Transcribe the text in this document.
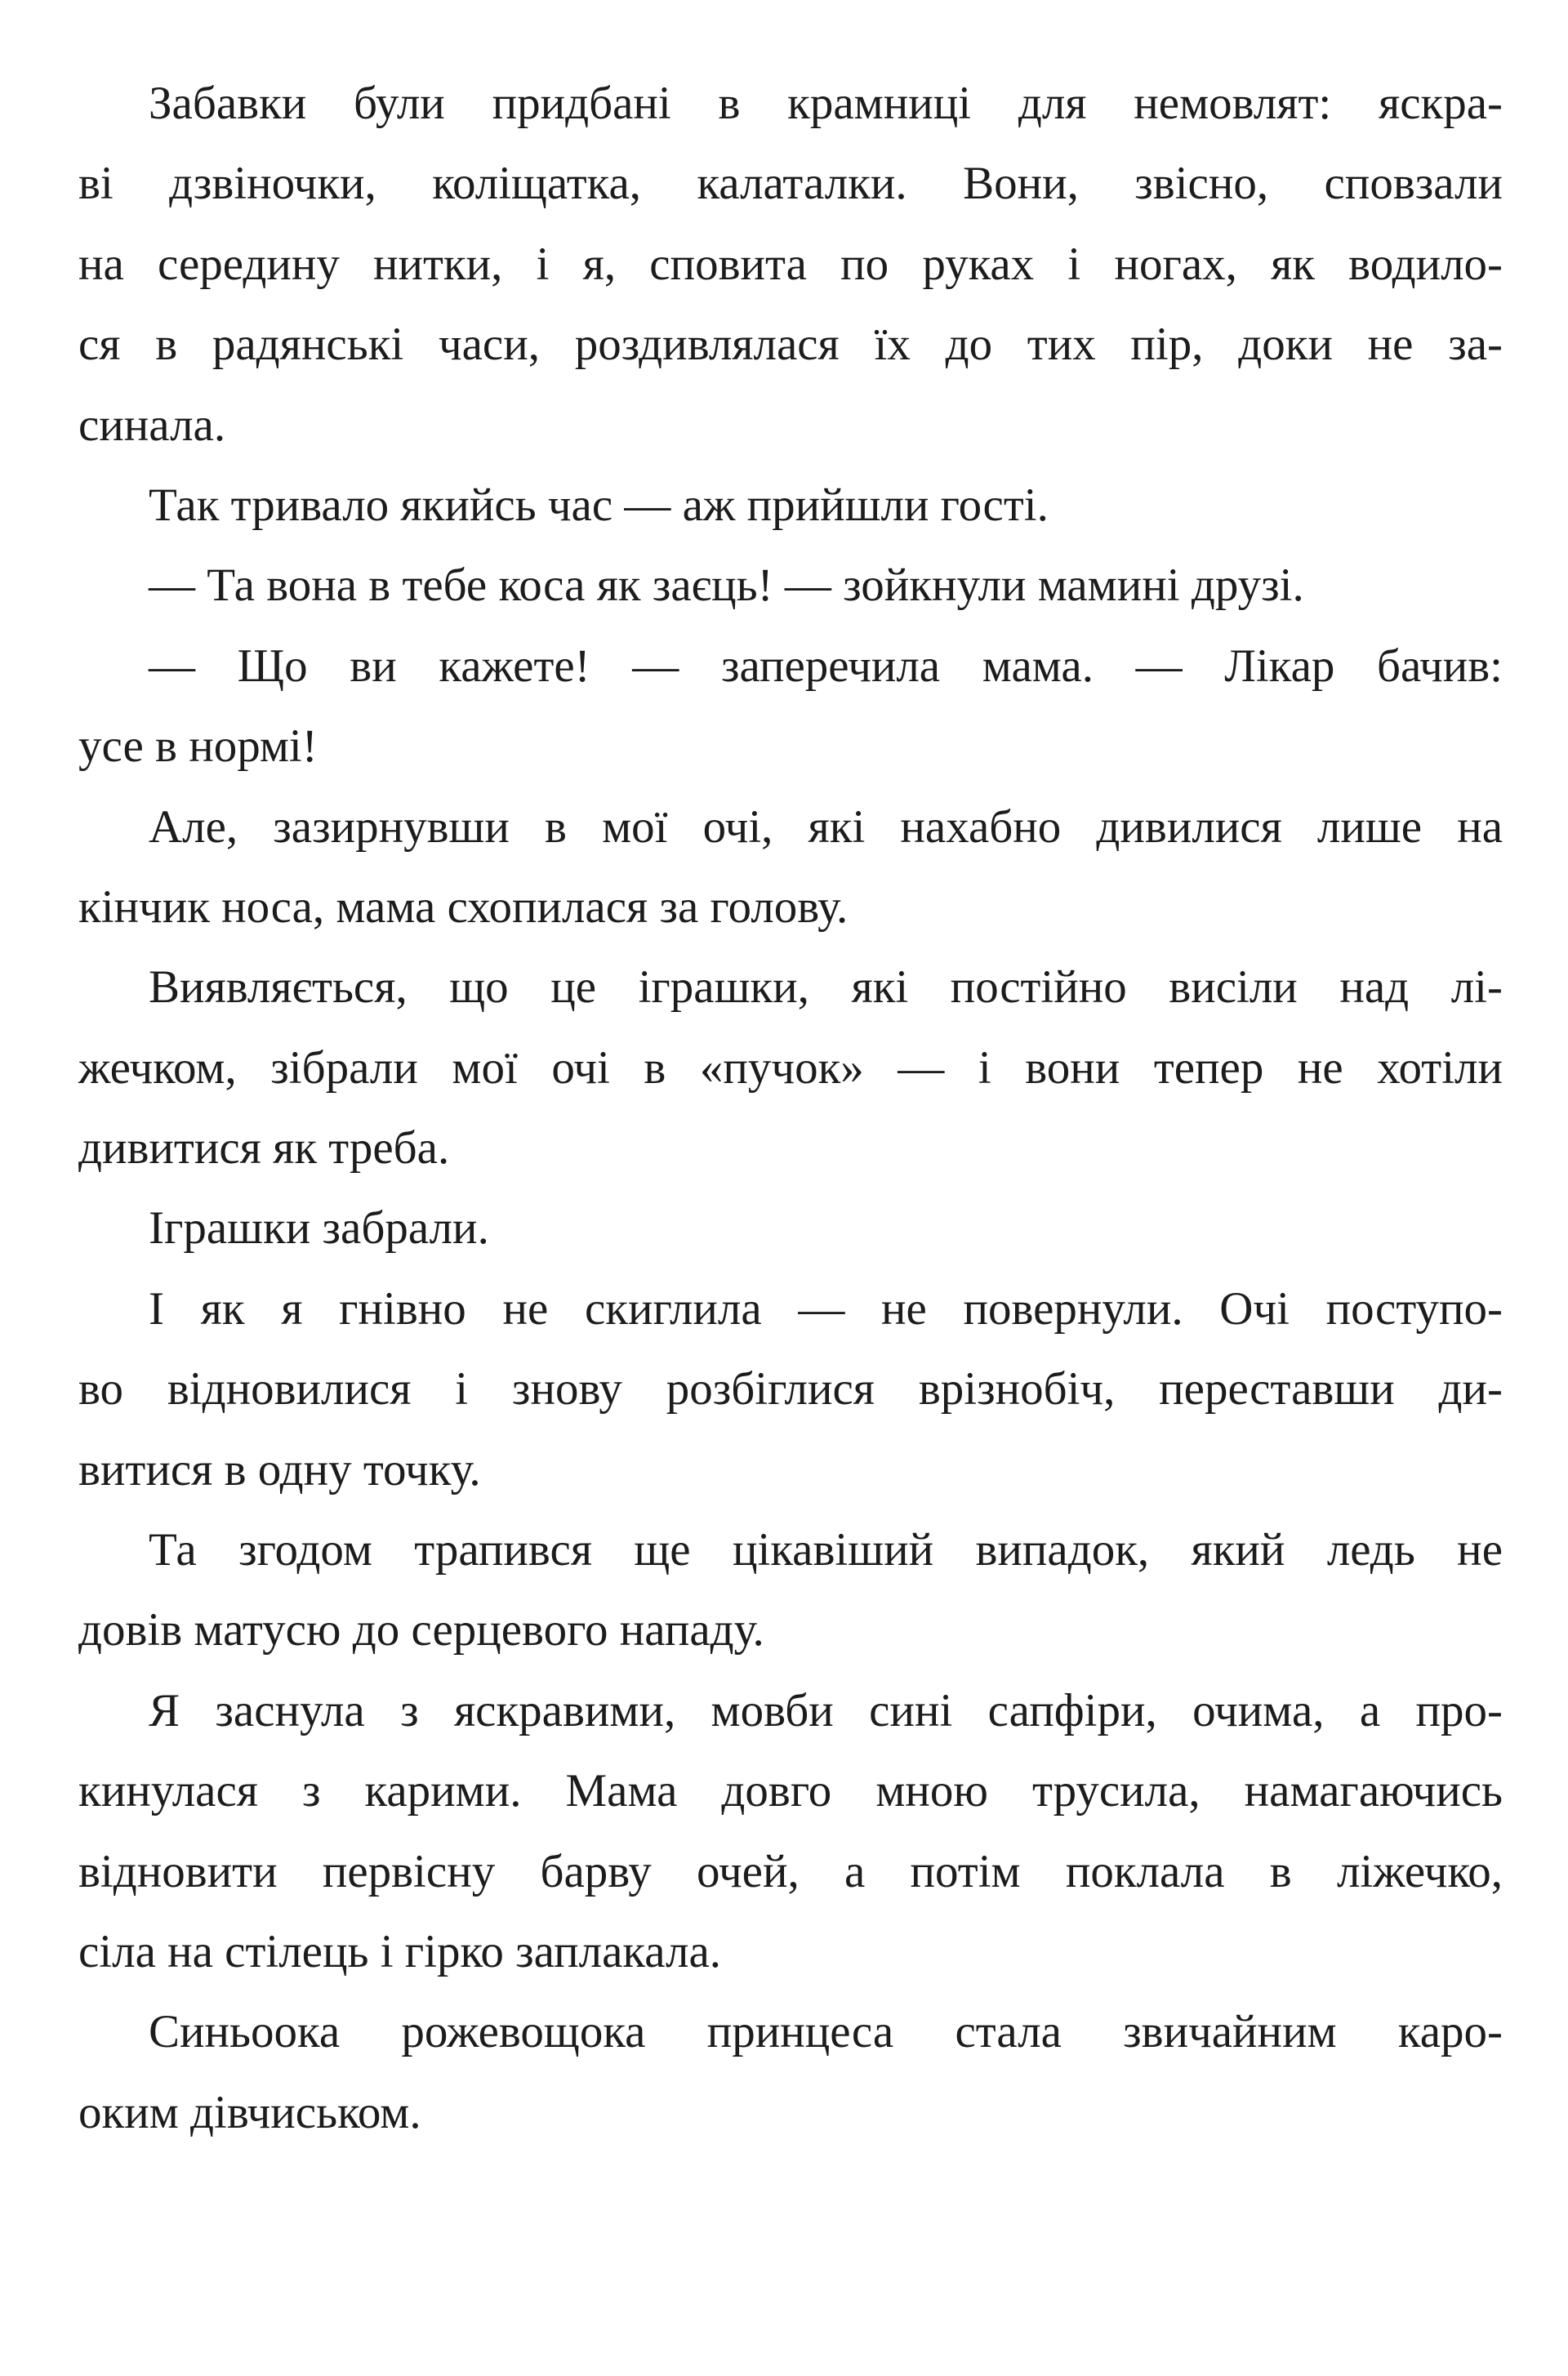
Забавки були придбані в крамниці для немовлят: яскра-
ві дзвіночки, коліщатка, калаталки. Вони, звісно, сповзали
на середину нитки, і я, сповита по руках і ногах, як водило-
ся в радянські часи, роздивлялася їх до тих пір, доки не за-
синала.
Так тривало якийсь час — аж прийшли гості.
— Та вона в тебе коса як заєць! — зойкнули мамині друзі.
— Що ви кажете! — заперечила мама. — Лікар бачив:
усе в нормі!
Але, зазирнувши в мої очі, які нахабно дивилися лише на
кінчик носа, мама схопилася за голову.
Виявляється, що це іграшки, які постійно висіли над лі-
жечком, зібрали мої очі в «пучок» — і вони тепер не хотіли
дивитися як треба.
Іграшки забрали.
І як я гнівно не скиглила — не повернули. Очі поступо-
во відновилися і знову розбіглися врізнобіч, переставши ди-
витися в одну точку.
Та згодом трапився ще цікавіший випадок, який ледь не
довів матусю до серцевого нападу.
Я заснула з яскравими, мовби сині сапфіри, очима, а про-
кинулася з карими. Мама довго мною трусила, намагаючись
відновити первісну барву очей, а потім поклала в ліжечко,
сіла на стілець і гірко заплакала.
Синьоока рожевощока принцеса стала звичайним каро-
оким дівчиськом.
